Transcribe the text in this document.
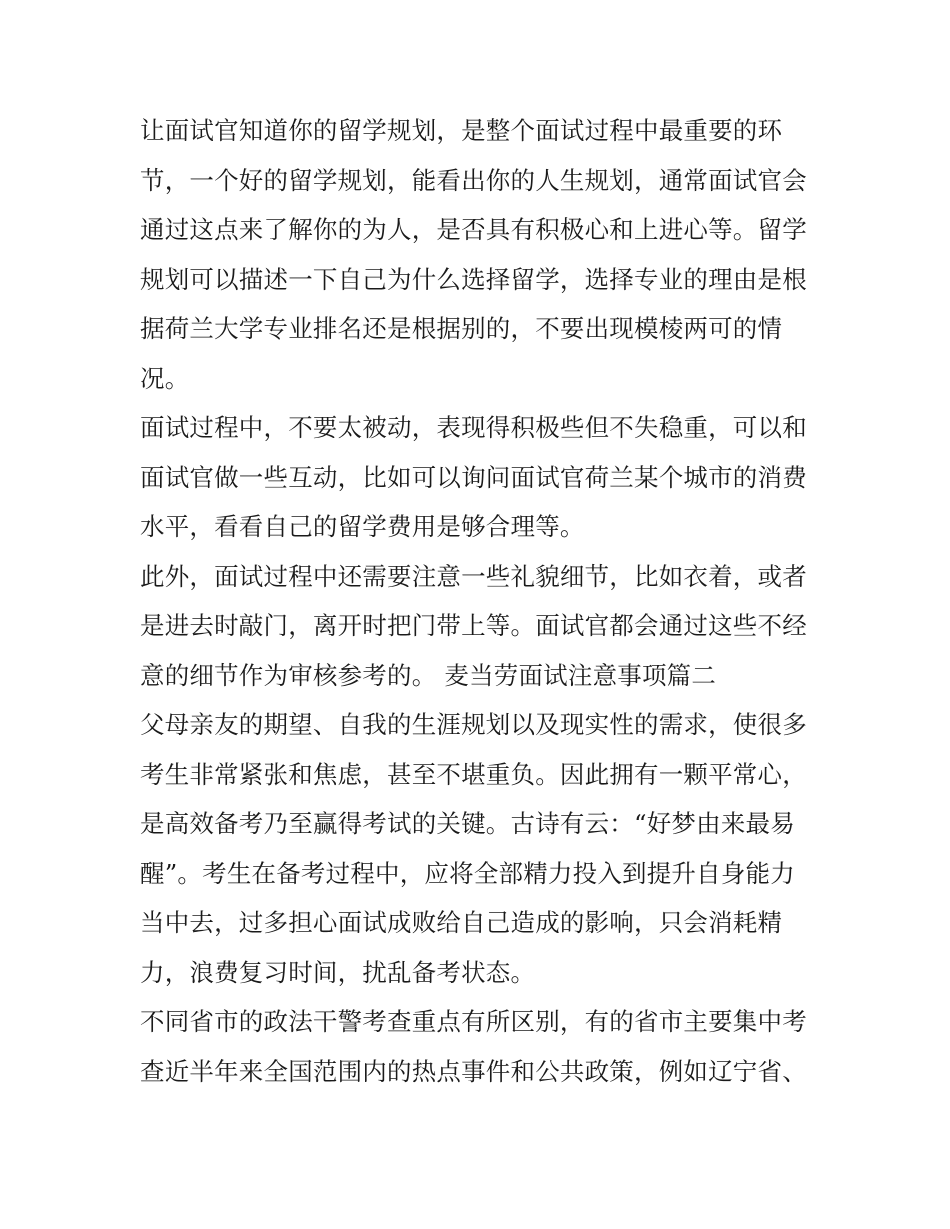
让面试官知道你的留学规划，是整个面试过程中最重要的环
节，一个好的留学规划，能看出你的人生规划，通常面试官会
通过这点来了解你的为人，是否具有积极心和上进心等。留学
规划可以描述一下自己为什么选择留学，选择专业的理由是根
据荷兰大学专业排名还是根据别的，不要出现模棱两可的情
况。
面试过程中，不要太被动，表现得积极些但不失稳重，可以和
面试官做一些互动，比如可以询问面试官荷兰某个城市的消费
水平，看看自己的留学费用是够合理等。
此外，面试过程中还需要注意一些礼貌细节，比如衣着，或者
是进去时敲门，离开时把门带上等。面试官都会通过这些不经
意的细节作为审核参考的。 麦当劳面试注意事项篇二
父母亲友的期望、自我的生涯规划以及现实性的需求，使很多
考生非常紧张和焦虑，甚至不堪重负。因此拥有一颗平常心，
是高效备考乃至赢得考试的关键。古诗有云：“好梦由来最易
醒”。考生在备考过程中，应将全部精力投入到提升自身能力
当中去，过多担心面试成败给自己造成的影响，只会消耗精
力，浪费复习时间，扰乱备考状态。
不同省市的政法干警考查重点有所区别，有的省市主要集中考
查近半年来全国范围内的热点事件和公共政策，例如辽宁省、
